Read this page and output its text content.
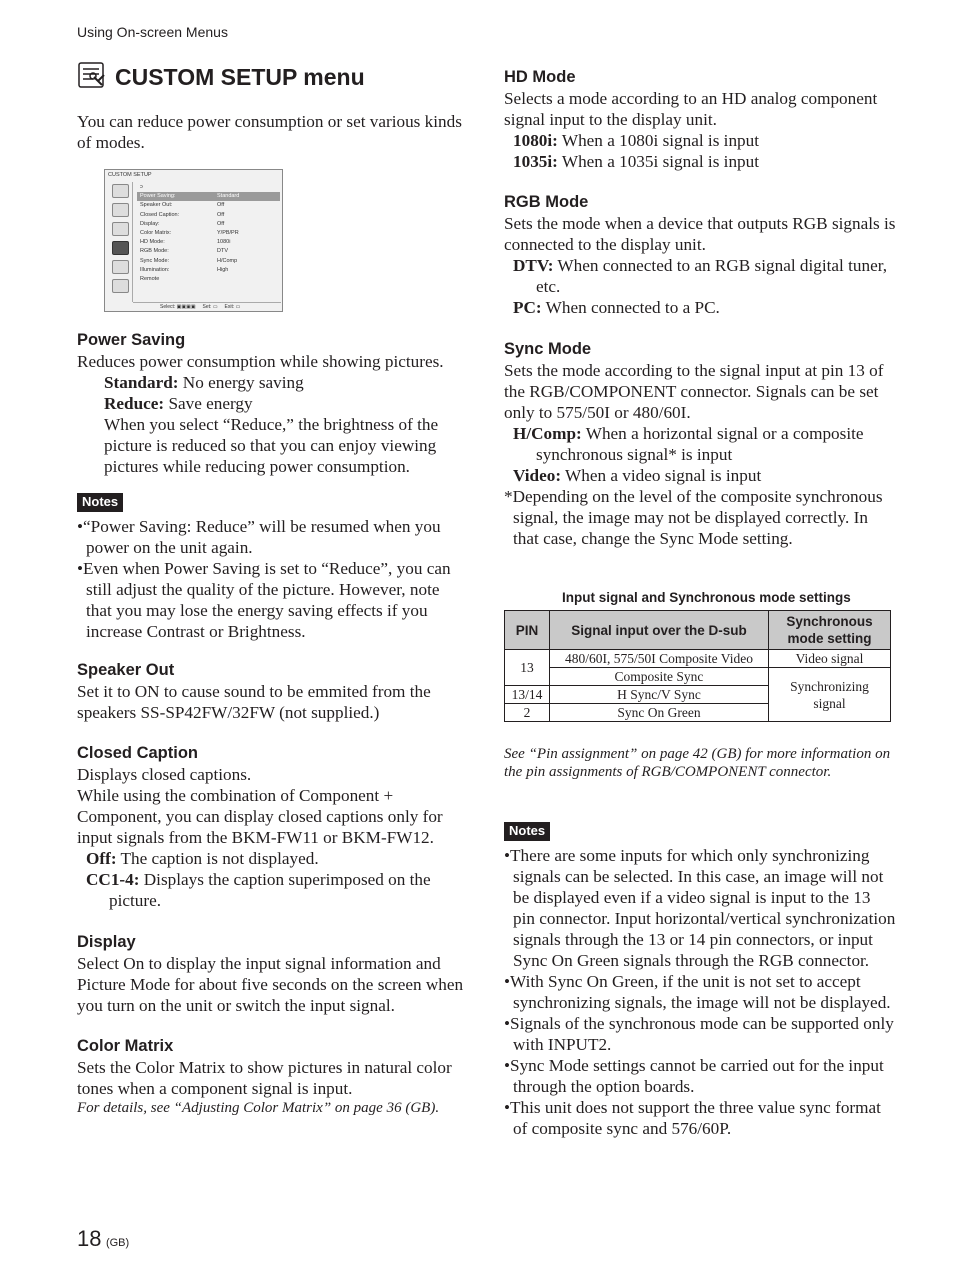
Using On-screen Menus
CUSTOM SETUP menu
You can reduce power consumption or set various kinds of modes.
CUSTOM SETUP
ↄ
Power Saving:	Standard
Speaker Out:	Off
Closed Caption:	Off
Display:	Off
Color Matrix:	Y/PB/PR
HD Mode:	1080i
RGB Mode:	DTV
Sync Mode:	H/Comp
Illumination:	High
Remote
Select: ▣▣▣▣     Set: ▭     Exit: ▭
Power Saving

Reduces power consumption while showing pictures.

Standard: No energy saving

Reduce: Save energy

When you select “Reduce,” the brightness of the picture is reduced so that you can enjoy viewing pictures while reducing power consumption.

Notes

•“Power Saving: Reduce” will be resumed when you power on the unit again.

•Even when Power Saving is set to “Reduce”, you can still adjust the quality of the picture. However, note that you may lose the energy saving effects if you increase Contrast or Brightness.

Speaker Out

Set it to ON to cause sound to be emmited from the speakers SS-SP42FW/32FW (not supplied.)

Closed Caption

Displays closed captions.

While using the combination of Component + Component, you can display closed captions only for input signals from the BKM-FW11 or BKM-FW12.

Off: The caption is not displayed.

CC1-4: Displays the caption superimposed on the picture.

Display

Select On to display the input signal information and Picture Mode for about five seconds on the screen when you turn on the unit or switch the input signal.

Color Matrix

Sets the Color Matrix to show pictures in natural color tones when a component signal is input.

For details, see “Adjusting Color Matrix” on page 36 (GB).

HD Mode

Selects a mode according to an HD analog component signal input to the display unit.

1080i: When a 1080i signal is input

1035i: When a 1035i signal is input

RGB Mode

Sets the mode when a device that outputs RGB signals is connected to the display unit.

DTV: When connected to an RGB signal digital tuner, etc.

PC: When connected to a PC.

Sync Mode

Sets the mode according to the signal input at pin 13 of the RGB/COMPONENT connector. Signals can be set only to 575/50I or 480/60I.

H/Comp: When a horizontal signal or a composite synchronous signal* is input

Video: When a video signal is input

*Depending on the level of the composite synchronous signal, the image may not be displayed correctly. In that case, change the Sync Mode setting.

Input signal and Synchronous mode settings
PIN	Signal input over the D-sub	Synchronous mode setting
13	480/60I, 575/50I Composite Video	Video signal
	Composite Sync	Synchronizing signal
13/14	H Sync/V Sync	
2	Sync On Green	
See “Pin assignment” on page 42 (GB) for more information on the pin assignments of RGB/COMPONENT connector.
Notes

•There are some inputs for which only synchronizing signals can be selected. In this case, an image will not be displayed even if a video signal is input to the 13 pin connector. Input horizontal/vertical synchronization signals through the 13 or 14 pin connectors, or input Sync On Green signals through the RGB connector.

•With Sync On Green, if the unit is not set to accept synchronizing signals, the image will not be displayed.

•Signals of the synchronous mode can be supported only with INPUT2.

•Sync Mode settings cannot be carried out for the input through the option boards.

•This unit does not support the three value sync format of composite sync and 576/60P.

18 (GB)
